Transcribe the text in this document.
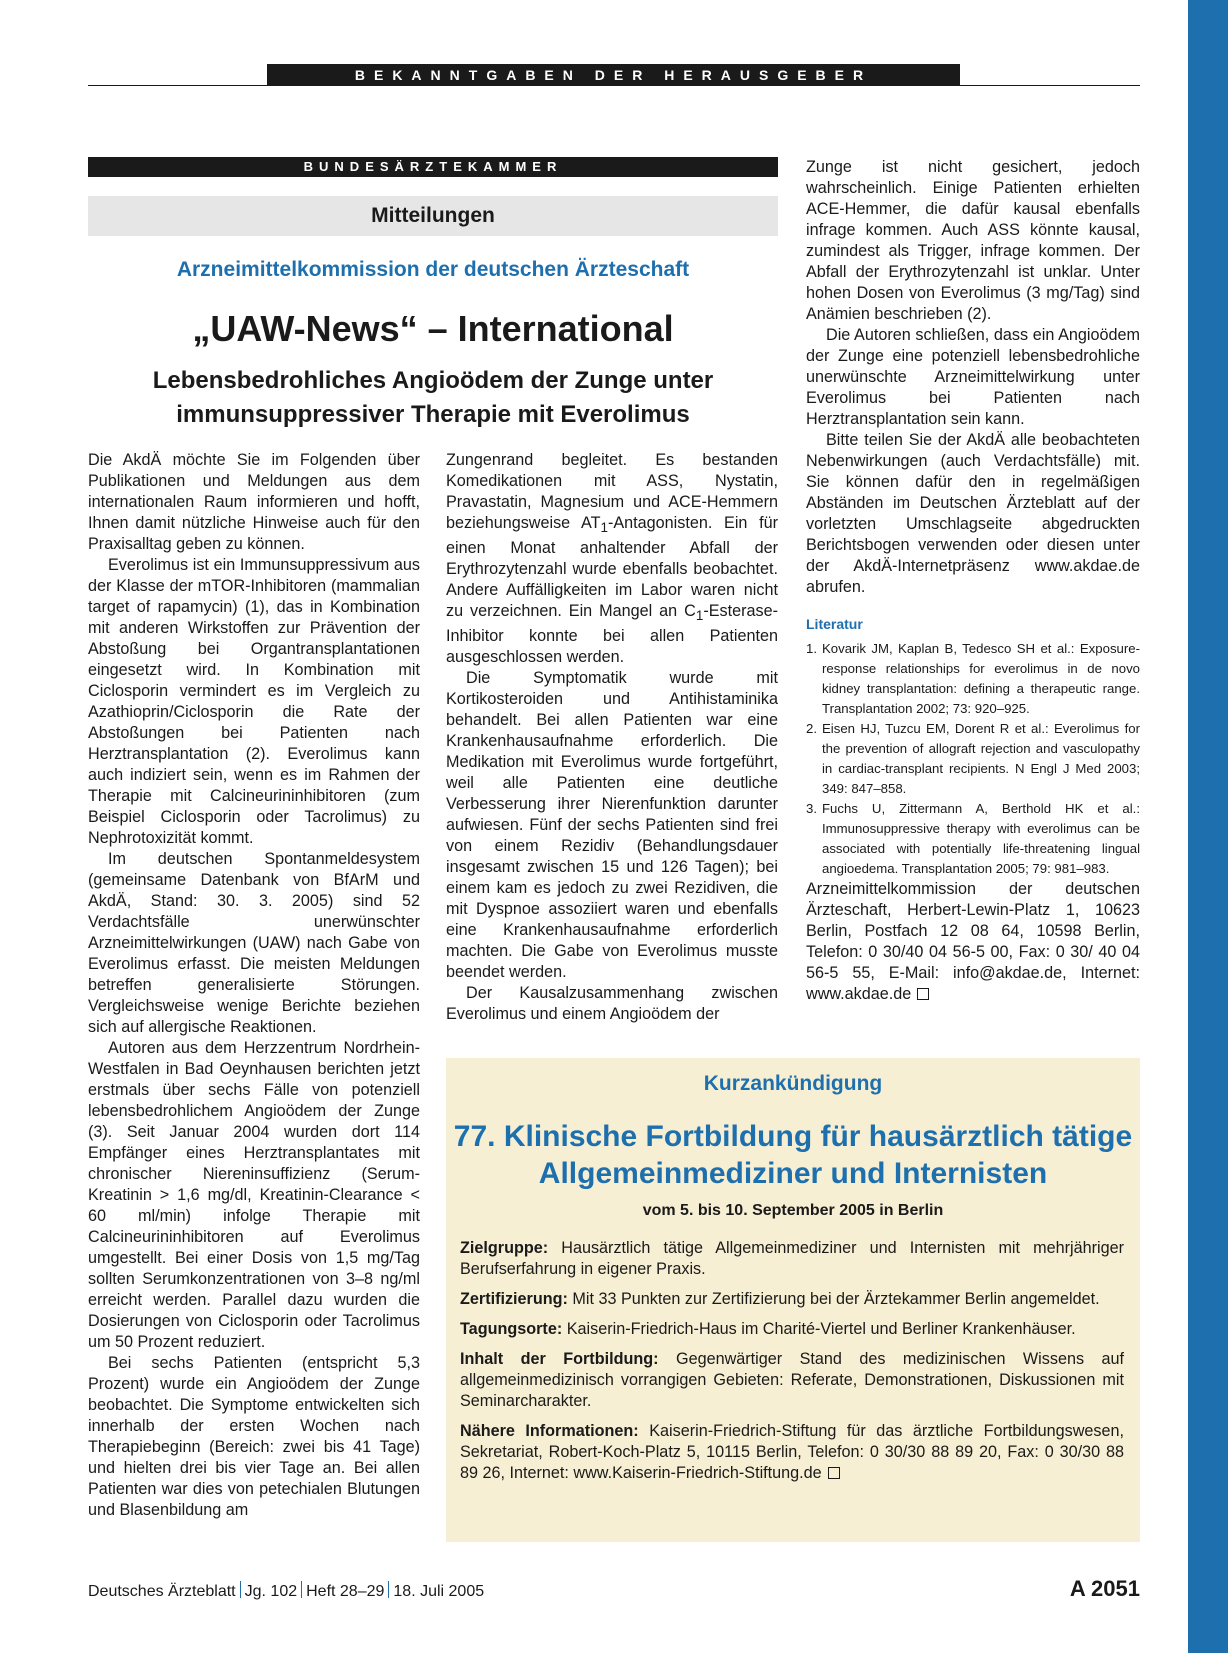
BEKANNTGABEN DER HERAUSGEBER
BUNDESÄRZTEKAMMER
Mitteilungen
Arzneimittelkommission der deutschen Ärzteschaft
„UAW-News“ – International
Lebensbedrohliches Angioödem der Zunge unter
immunsuppressiver Therapie mit Everolimus

Die AkdÄ möchte Sie im Folgenden über Publikationen und Meldungen aus dem internationalen Raum informieren und hofft, Ihnen damit nützliche Hinweise auch für den Praxisalltag geben zu können.

Everolimus ist ein Immunsuppressivum aus der Klasse der mTOR-Inhibitoren (mammalian target of rapamycin) (1), das in Kombination mit anderen Wirkstoffen zur Prävention der Abstoßung bei Organtransplantationen eingesetzt wird. In Kombination mit Ciclosporin vermindert es im Vergleich zu Azathioprin/Ciclosporin die Rate der Abstoßungen bei Patienten nach Herztransplantation (2). Everolimus kann auch indiziert sein, wenn es im Rahmen der Therapie mit Calcineurininhibitoren (zum Beispiel Ciclosporin oder Tacrolimus) zu Nephrotoxizität kommt.

Im deutschen Spontanmeldesystem (gemeinsame Datenbank von BfArM und AkdÄ, Stand: 30. 3. 2005) sind 52 Verdachtsfälle unerwünschter Arzneimittelwirkungen (UAW) nach Gabe von Everolimus erfasst. Die meisten Meldungen betreffen generalisierte Störungen. Vergleichsweise wenige Berichte beziehen sich auf allergische Reaktionen.

Autoren aus dem Herzzentrum Nordrhein-Westfalen in Bad Oeynhausen berichten jetzt erstmals über sechs Fälle von potenziell lebensbedrohlichem Angioödem der Zunge (3). Seit Januar 2004 wurden dort 114 Empfänger eines Herztransplantates mit chronischer Niereninsuffizienz (Serum-Kreatinin > 1,6 mg/dl, Kreatinin-Clearance < 60 ml/min) infolge Therapie mit Calcineurininhibitoren auf Everolimus umgestellt. Bei einer Dosis von 1,5 mg/Tag sollten Serumkonzentrationen von 3–8 ng/ml erreicht werden. Parallel dazu wurden die Dosierungen von Ciclosporin oder Tacrolimus um 50 Prozent reduziert.

Bei sechs Patienten (entspricht 5,3 Prozent) wurde ein Angioödem der Zunge beobachtet. Die Symptome entwickelten sich innerhalb der ersten Wochen nach Therapiebeginn (Bereich: zwei bis 41 Tage) und hielten drei bis vier Tage an. Bei allen Patienten war dies von petechialen Blutungen und Blasenbildung am

Zungenrand begleitet. Es bestanden Komedikationen mit ASS, Nystatin, Pravastatin, Magnesium und ACE-Hemmern beziehungsweise $AT_1$-Antagonisten. Ein für einen Monat anhaltender Abfall der Erythrozytenzahl wurde ebenfalls beobachtet. Andere Auffälligkeiten im Labor waren nicht zu verzeichnen. Ein Mangel an $C_1-Esterase$-Inhibitor konnte bei allen Patienten ausgeschlossen werden.

Die Symptomatik wurde mit Kortikosteroiden und Antihistaminika behandelt. Bei allen Patienten war eine Krankenhausaufnahme erforderlich. Die Medikation mit Everolimus wurde fortgeführt, weil alle Patienten eine deutliche Verbesserung ihrer Nierenfunktion darunter aufwiesen. Fünf der sechs Patienten sind frei von einem Rezidiv (Behandlungsdauer insgesamt zwischen 15 und 126 Tagen); bei einem kam es jedoch zu zwei Rezidiven, die mit Dyspnoe assoziiert waren und ebenfalls eine Krankenhausaufnahme erforderlich machten. Die Gabe von Everolimus musste beendet werden.

Der Kausalzusammenhang zwischen Everolimus und einem Angioödem der

Zunge ist nicht gesichert, jedoch wahrscheinlich. Einige Patienten erhielten ACE-Hemmer, die dafür kausal ebenfalls infrage kommen. Auch ASS könnte kausal, zumindest als Trigger, infrage kommen. Der Abfall der Erythrozytenzahl ist unklar. Unter hohen Dosen von Everolimus (3 mg/Tag) sind Anämien beschrieben (2).

Die Autoren schließen, dass ein Angioödem der Zunge eine potenziell lebensbedrohliche unerwünschte Arzneimittelwirkung unter Everolimus bei Patienten nach Herztransplantation sein kann.

Bitte teilen Sie der AkdÄ alle beobachteten Nebenwirkungen (auch Verdachtsfälle) mit. Sie können dafür den in regelmäßigen Abständen im Deutschen Ärzteblatt auf der vorletzten Umschlagseite abgedruckten Berichtsbogen verwenden oder diesen unter der AkdÄ-Internetpräsenz www.akdae.de abrufen.

Literatur
1. Kovarik JM, Kaplan B, Tedesco SH et al.: Exposure-response relationships for everolimus in de novo kidney transplantation: defining a therapeutic range. Transplantation 2002; 73: 920–925.
2. Eisen HJ, Tuzcu EM, Dorent R et al.: Everolimus for the prevention of allograft rejection and vasculopathy in cardiac-transplant recipients. N Engl J Med 2003; 349: 847–858.
3. Fuchs U, Zittermann A, Berthold HK et al.: Immunosuppressive therapy with everolimus can be associated with potentially life-threatening lingual angioedema. Transplantation 2005; 79: 981–983.

Arzneimittelkommission der deutschen Ärzteschaft, Herbert-Lewin-Platz 1, 10623 Berlin, Postfach 12 08 64, 10598 Berlin, Telefon: 0 30/40 04 56-5 00, Fax: 0 30/ 40 04 56-5 55, E-Mail: info@akdae.de, Internet: www.akdae.de

Kurzankündigung
77. Klinische Fortbildung für hausärztlich tätige
Allgemeinmediziner und Internisten
vom 5. bis 10. September 2005 in Berlin

Zielgruppe: Hausärztlich tätige Allgemeinmediziner und Internisten mit mehrjähriger Berufserfahrung in eigener Praxis.

Zertifizierung: Mit 33 Punkten zur Zertifizierung bei der Ärztekammer Berlin angemeldet.

Tagungsorte: Kaiserin-Friedrich-Haus im Charité-Viertel und Berliner Krankenhäuser.

Inhalt der Fortbildung: Gegenwärtiger Stand des medizinischen Wissens auf allgemeinmedizinisch vorrangigen Gebieten: Referate, Demonstrationen, Diskussionen mit Seminarcharakter.

Nähere Informationen: Kaiserin-Friedrich-Stiftung für das ärztliche Fortbildungswesen, Sekretariat, Robert-Koch-Platz 5, 10115 Berlin, Telefon: 0 30/30 88 89 20, Fax: 0 30/30 88 89 26, Internet: www.Kaiserin-Friedrich-Stiftung.de

Deutsches Ärzteblatt Jg. 102 Heft 28–29 18. Juli 2005	A 2051
